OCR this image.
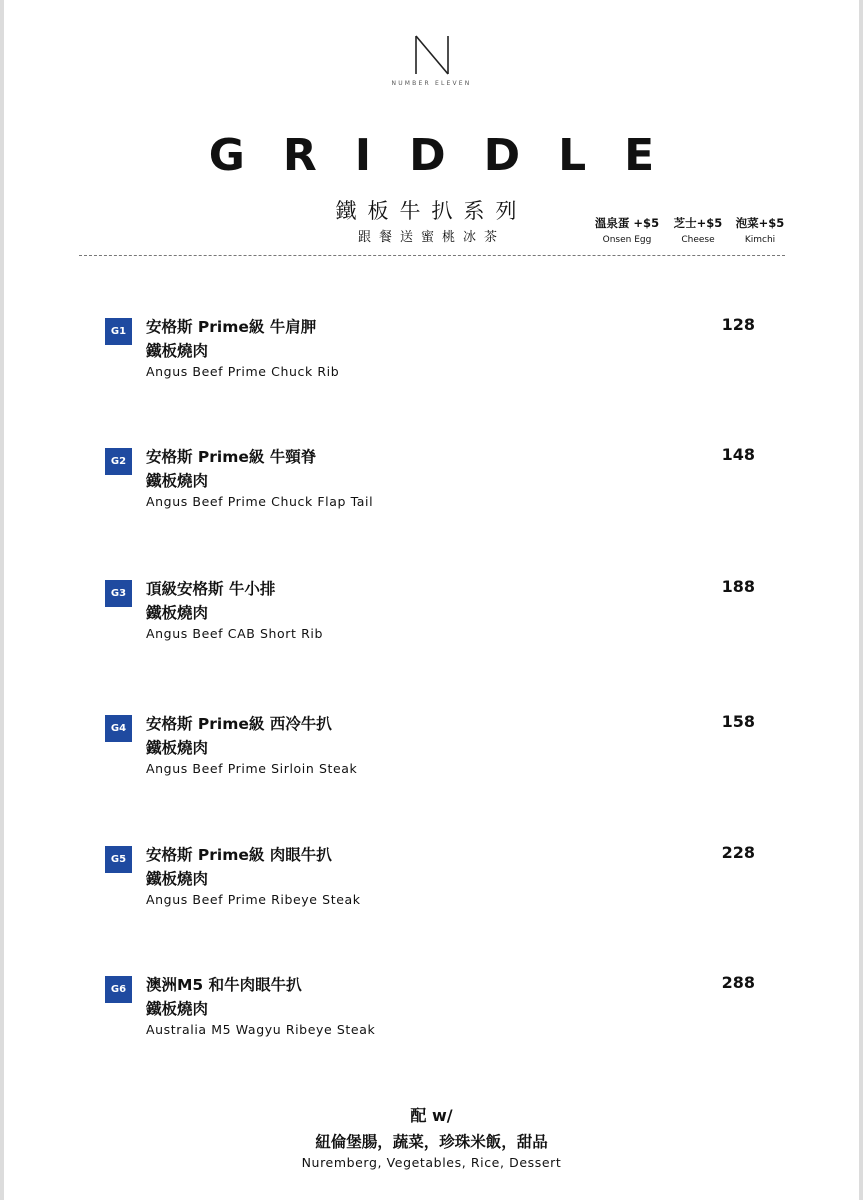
NUMBER ELEVEN
GRIDDLE
鐵板牛扒系列
跟餐送蜜桃冰茶
溫泉蛋 +$5
Onsen Egg
芝士+$5
Cheese
泡菜+$5
Kimchi
G1	安格斯 Prime級 牛肩胛
鐵板燒肉
Angus Beef Prime Chuck Rib
128
G2	安格斯 Prime級 牛頸脊
鐵板燒肉
Angus Beef Prime Chuck Flap Tail
148
G3	頂級安格斯 牛小排
鐵板燒肉
Angus Beef CAB Short Rib
188
G4	安格斯 Prime級 西冷牛扒
鐵板燒肉
Angus Beef Prime Sirloin Steak
158
G5	安格斯 Prime級 肉眼牛扒
鐵板燒肉
Angus Beef Prime Ribeye Steak
228
G6	澳洲M5 和牛肉眼牛扒
鐵板燒肉
Australia M5 Wagyu Ribeye Steak
288
配 w/
紐倫堡腸，蔬菜，珍珠米飯，甜品
Nuremberg, Vegetables, Rice, Dessert
